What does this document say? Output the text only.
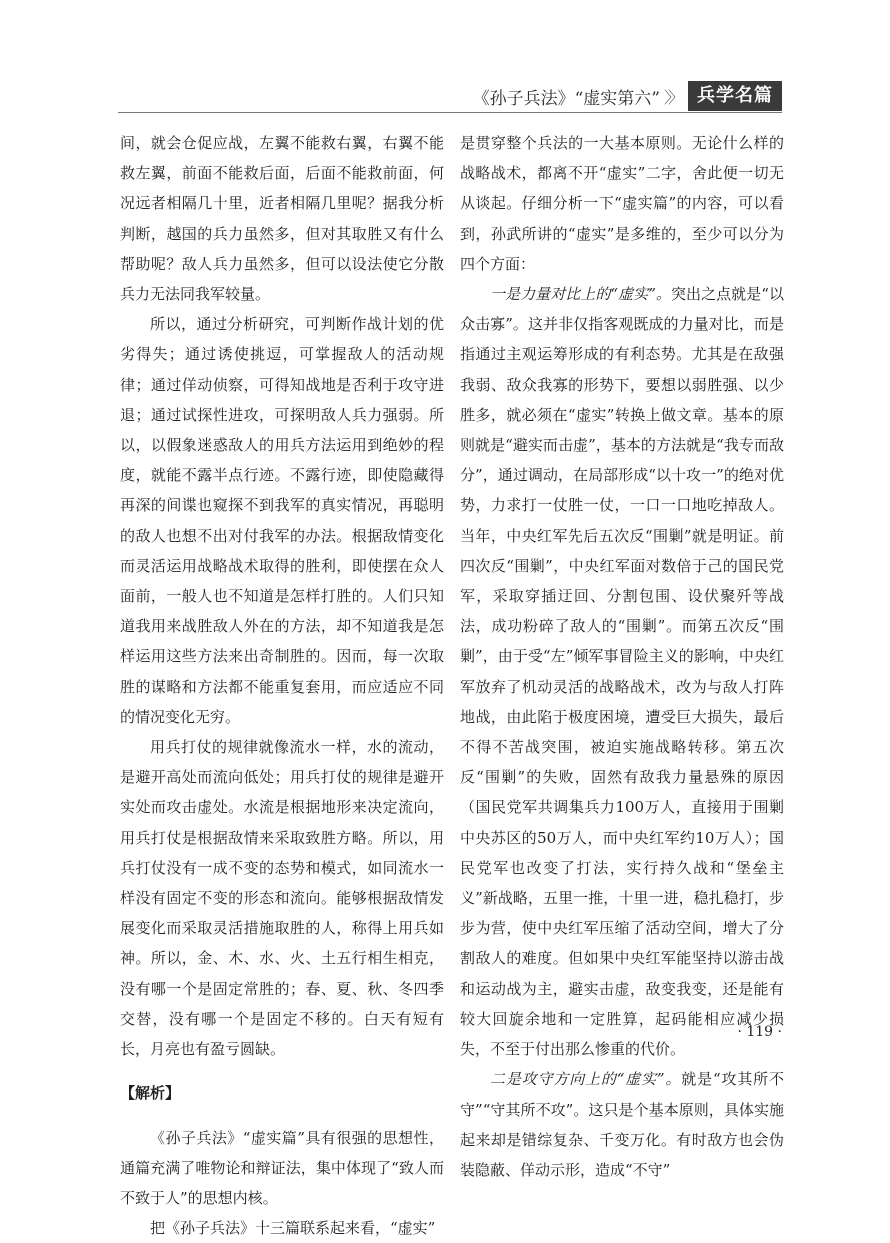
《孙子兵法》“虚实第六” 〉〉 兵学名篇

间，就会仓促应战，左翼不能救右翼，右翼不能救左翼，前面不能救后面，后面不能救前面，何况远者相隔几十里，近者相隔几里呢？据我分析判断，越国的兵力虽然多，但对其取胜又有什么帮助呢？敌人兵力虽然多，但可以设法使它分散兵力无法同我军较量。

所以，通过分析研究，可判断作战计划的优劣得失；通过诱使挑逗，可掌握敌人的活动规律；通过佯动侦察，可得知战地是否利于攻守进退；通过试探性进攻，可探明敌人兵力强弱。所以，以假象迷惑敌人的用兵方法运用到绝妙的程度，就能不露半点行迹。不露行迹，即使隐藏得再深的间谍也窥探不到我军的真实情况，再聪明的敌人也想不出对付我军的办法。根据敌情变化而灵活运用战略战术取得的胜利，即使摆在众人面前，一般人也不知道是怎样打胜的。人们只知道我用来战胜敌人外在的方法，却不知道我是怎样运用这些方法来出奇制胜的。因而，每一次取胜的谋略和方法都不能重复套用，而应适应不同的情况变化无穷。

用兵打仗的规律就像流水一样，水的流动，是避开高处而流向低处；用兵打仗的规律是避开实处而攻击虚处。水流是根据地形来决定流向，用兵打仗是根据敌情来采取致胜方略。所以，用兵打仗没有一成不变的态势和模式，如同流水一样没有固定不变的形态和流向。能够根据敌情发展变化而采取灵活措施取胜的人，称得上用兵如神。所以，金、木、水、火、土五行相生相克，没有哪一个是固定常胜的；春、夏、秋、冬四季交替，没有哪一个是固定不移的。白天有短有长，月亮也有盈亏圆缺。

【解析】

《孙子兵法》“虚实篇”具有很强的思想性，通篇充满了唯物论和辩证法，集中体现了“致人而不致于人”的思想内核。

把《孙子兵法》十三篇联系起来看，“虚实”

是贯穿整个兵法的一大基本原则。无论什么样的战略战术，都离不开“虚实”二字，舍此便一切无从谈起。仔细分析一下“虚实篇”的内容，可以看到，孙武所讲的“虚实”是多维的，至少可以分为四个方面：

一是力量对比上的“虚实”。突出之点就是“以众击寡”。这并非仅指客观既成的力量对比，而是指通过主观运筹形成的有利态势。尤其是在敌强我弱、敌众我寡的形势下，要想以弱胜强、以少胜多，就必须在“虚实”转换上做文章。基本的原则就是“避实而击虚”，基本的方法就是“我专而敌分”，通过调动，在局部形成“以十攻一”的绝对优势，力求打一仗胜一仗，一口一口地吃掉敌人。当年，中央红军先后五次反“围剿”就是明证。前四次反“围剿”，中央红军面对数倍于己的国民党军，采取穿插迂回、分割包围、设伏聚歼等战法，成功粉碎了敌人的“围剿”。而第五次反“围剿”，由于受“左”倾军事冒险主义的影响，中央红军放弃了机动灵活的战略战术，改为与敌人打阵地战，由此陷于极度困境，遭受巨大损失，最后不得不苦战突围，被迫实施战略转移。第五次反“围剿”的失败，固然有敌我力量悬殊的原因（国民党军共调集兵力100万人，直接用于围剿中央苏区的50万人，而中央红军约10万人）；国民党军也改变了打法，实行持久战和“堡垒主义”新战略，五里一推，十里一进，稳扎稳打，步步为营，使中央红军压缩了活动空间，增大了分割敌人的难度。但如果中央红军能坚持以游击战和运动战为主，避实击虚，敌变我变，还是能有较大回旋余地和一定胜算，起码能相应减少损失，不至于付出那么惨重的代价。

二是攻守方向上的“虚实”。就是“攻其所不守”“守其所不攻”。这只是个基本原则，具体实施起来却是错综复杂、千变万化。有时敌方也会伪装隐蔽、佯动示形，造成“不守”

· 119 ·
